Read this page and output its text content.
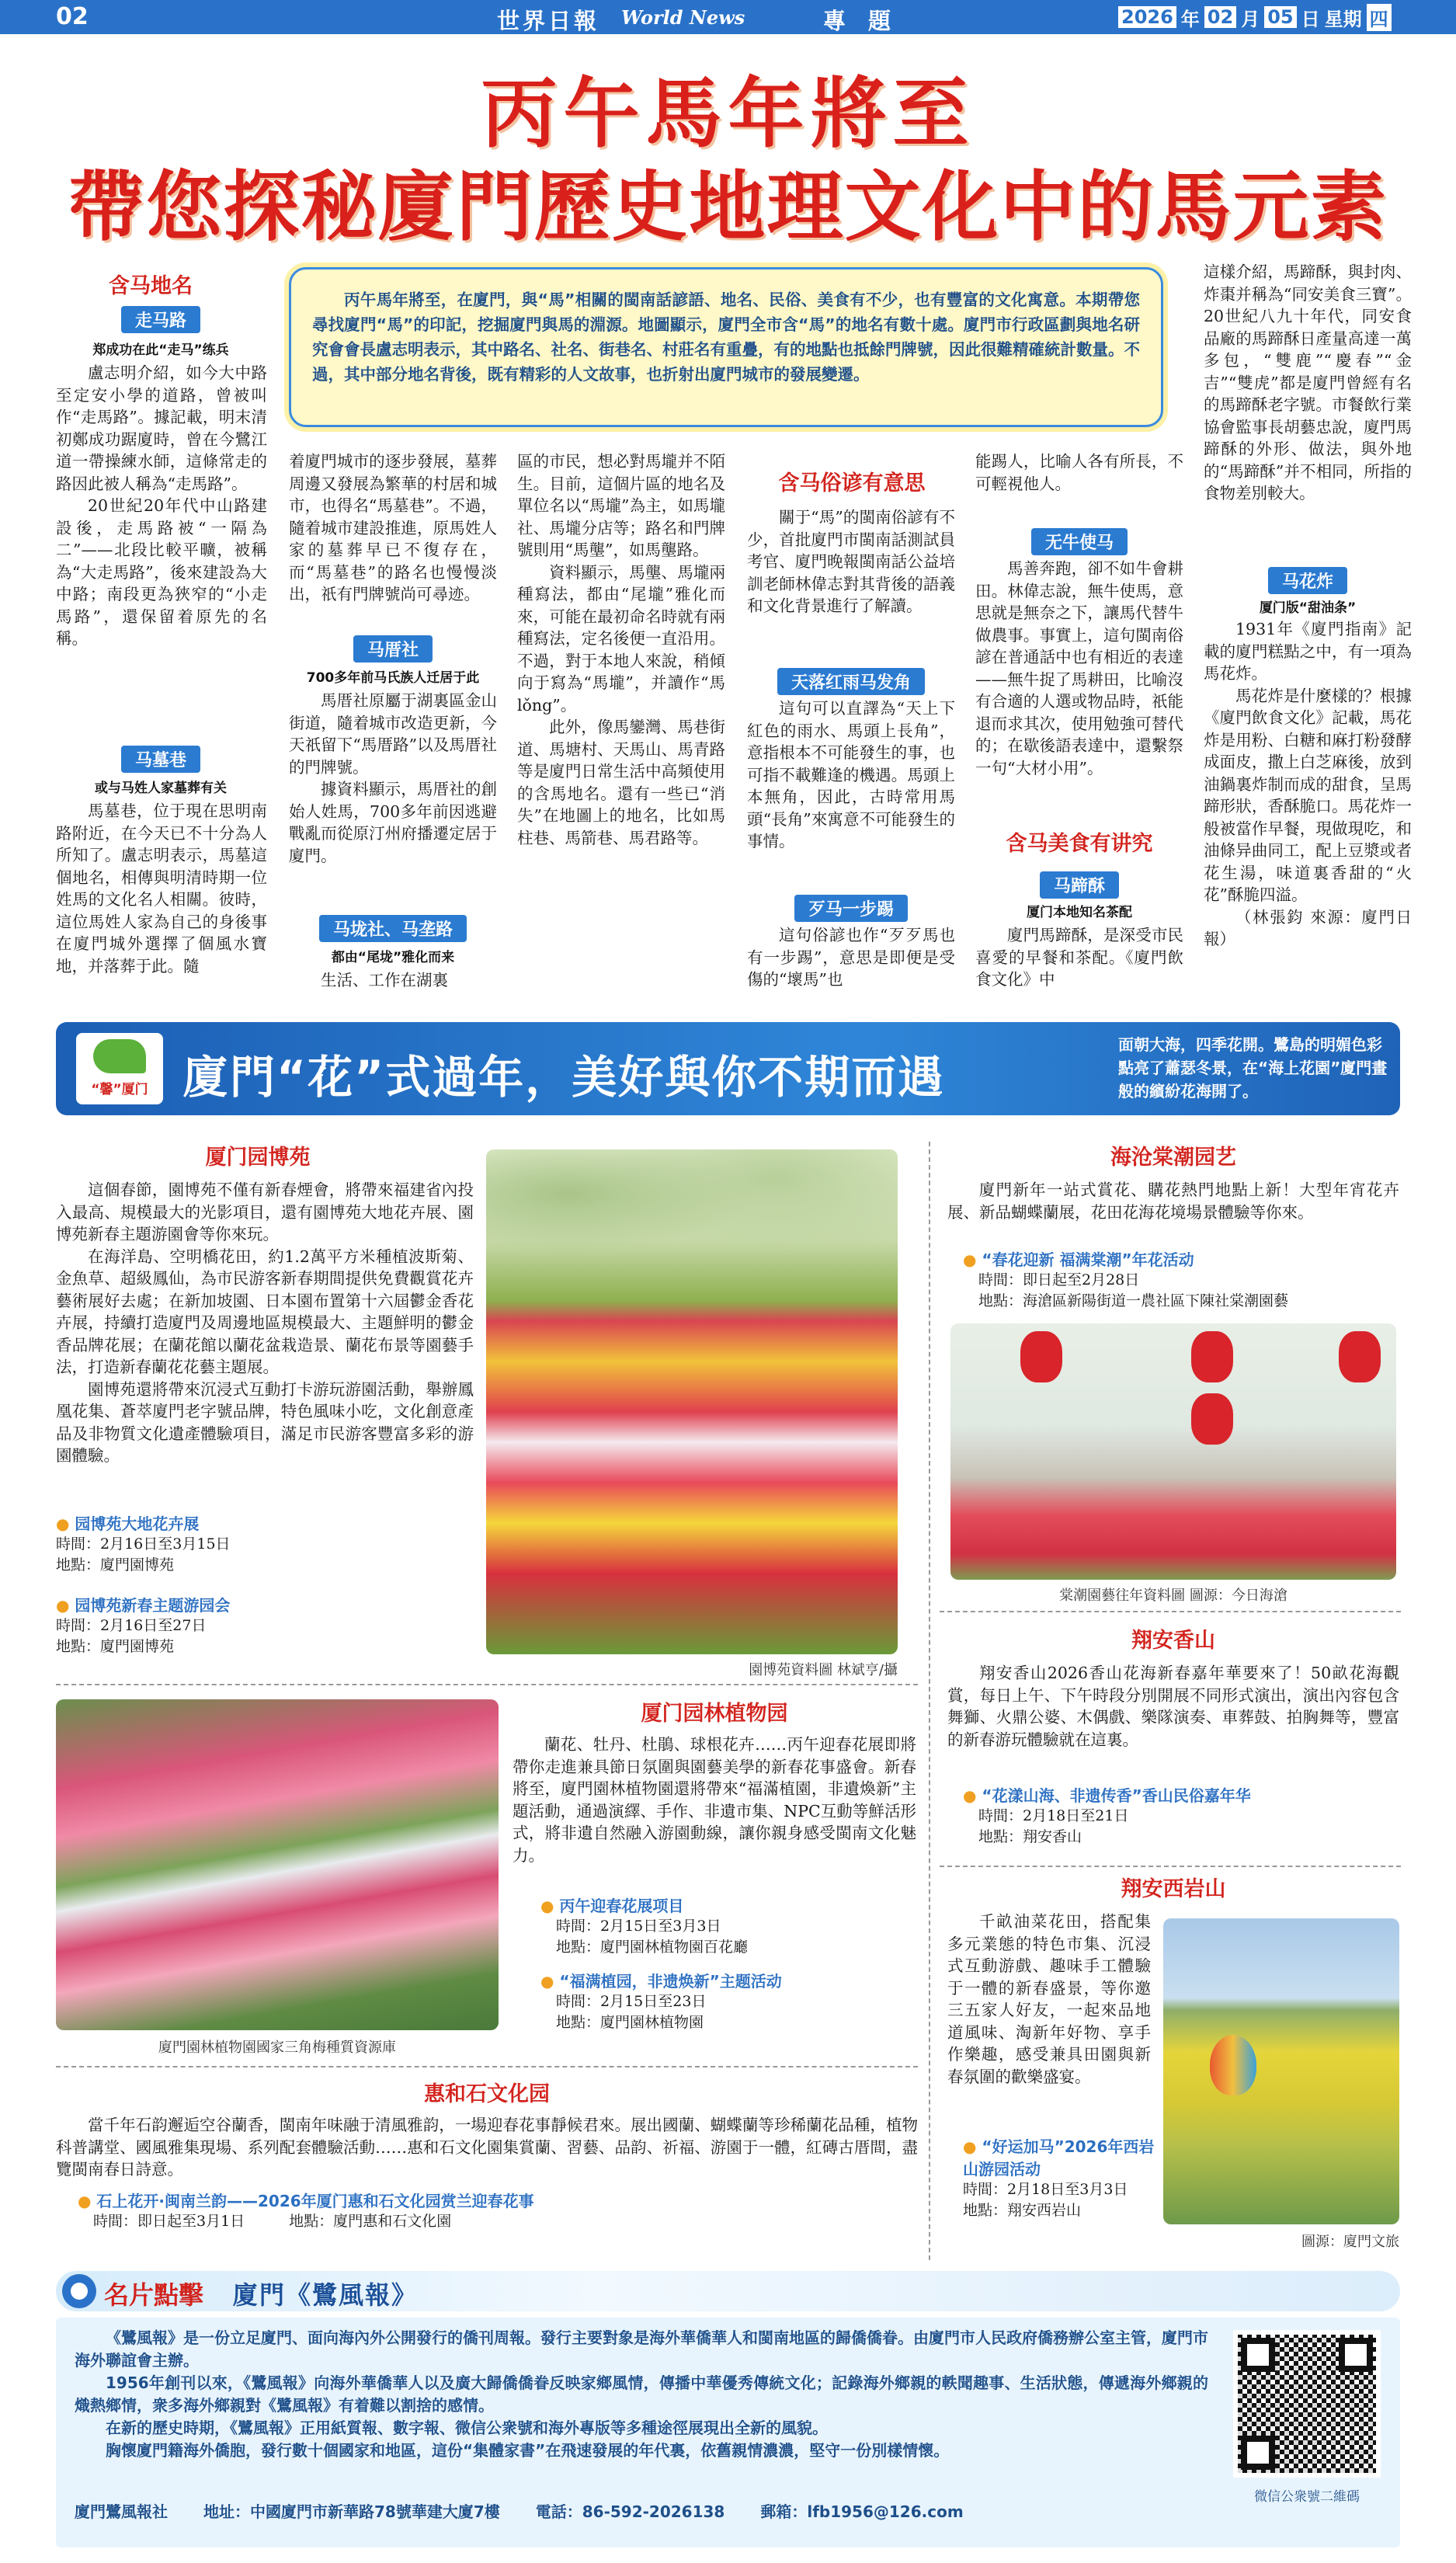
02	世界日報 World News	專　題	2026 年 02 月 05 日 星期 四
丙午馬年將至
帶您探秘廈門歷史地理文化中的馬元素
丙午馬年將至，在廈門，與“馬”相關的閩南話諺語、地名、民俗、美食有不少，也有豐富的文化寓意。本期帶您尋找廈門“馬”的印記，挖掘廈門與馬的淵源。地圖顯示，廈門全市含“馬”的地名有數十處。廈門市行政區劃與地名研究會會長盧志明表示，其中路名、社名、街巷名、村莊名有重疊，有的地點也抵餘門牌號，因此很難精確統計數量。不過，其中部分地名背後，既有精彩的人文故事，也折射出廈門城市的發展變遷。
含马地名
走马路
郑成功在此“走马”练兵

盧志明介紹，如今大中路至定安小學的道路，曾被叫作“走馬路”。據記載，明末清初鄭成功踞廈時，曾在今鷺江道一帶操練水師，這條常走的路因此被人稱為“走馬路”。

20世紀20年代中山路建設後，走馬路被“一隔為二”——北段比較平曠，被稱為“大走馬路”，後來建設為大中路；南段更為狹窄的“小走馬路”，還保留着原先的名稱。

马墓巷
或与马姓人家墓葬有关

馬墓巷，位于現在思明南路附近，在今天已不十分為人所知了。盧志明表示，馬墓這個地名，相傳與明清時期一位姓馬的文化名人相關。彼時，這位馬姓人家為自己的身後事在廈門城外選擇了個風水寶地，并落葬于此。隨

着廈門城市的逐步發展，墓葬周邊又發展為繁華的村居和城市，也得名“馬墓巷”。不過，隨着城市建設推進，原馬姓人家的墓葬早已不復存在，而“馬墓巷”的路名也慢慢淡出，祇有門牌號尚可尋迹。
马厝社
700多年前马氏族人迁居于此

馬厝社原屬于湖裏區金山街道，隨着城市改造更新，今天祇留下“馬厝路”以及馬厝社的門牌號。

據資料顯示，馬厝社的創始人姓馬，700多年前因逃避戰亂而從原汀州府播遷定居于廈門。

马垅社、马垄路
都由“尾垅”雅化而来

生活、工作在湖裏

區的市民，想必對馬壠并不陌生。目前，這個片區的地名及單位名以“馬壠”為主，如馬壠社、馬壠分店等；路名和門牌號則用“馬壟”，如馬壟路。

資料顯示，馬壟、馬壠兩種寫法，都由“尾壠”雅化而來，可能在最初命名時就有兩種寫法，定名後便一直沿用。不過，對于本地人來說，稍傾向于寫為“馬壠”，并讀作“馬lǒng”。

此外，像馬鑾灣、馬巷街道、馬塘村、天馬山、馬青路等是廈門日常生活中高頻使用的含馬地名。還有一些已“消失”在地圖上的地名，比如馬柱巷、馬箭巷、馬君路等。

含马俗谚有意思

關于“馬”的閩南俗諺有不少，首批廈門市閩南話測試員考官、廈門晚報閩南話公益培訓老師林偉志對其背後的語義和文化背景進行了解讀。

天落红雨马发角

這句可以直譯為“天上下紅色的雨水、馬頭上長角”，意指根本不可能發生的事，也可指不載難逢的機遇。馬頭上本無角，因此，古時常用馬頭“長角”來寓意不可能發生的事情。

歹马一步踢

這句俗諺也作“歹歹馬也有一步踢”，意思是即便是受傷的“壞馬”也

能踢人，比喻人各有所長，不可輕視他人。
无牛使马

馬善奔跑，卻不如牛會耕田。林偉志說，無牛使馬，意思就是無奈之下，讓馬代替牛做農事。事實上，這句閩南俗諺在普通話中也有相近的表達——無牛捉了馬耕田，比喻沒有合適的人選或物品時，祇能退而求其次，使用勉強可替代的；在歇後語表達中，還繫祭一句“大材小用”。

含马美食有讲究
马蹄酥
厦门本地知名茶配

廈門馬蹄酥，是深受市民喜愛的早餐和茶配。《廈門飲食文化》中

這樣介紹，馬蹄酥，與封肉、炸棗并稱為“同安美食三寶”。20世紀八九十年代，同安食品廠的馬蹄酥日產量高達一萬多包，“雙鹿”“慶春”“金吉”“雙虎”都是廈門曾經有名的馬蹄酥老字號。市餐飲行業協會監事長胡藝忠說，廈門馬蹄酥的外形、做法，與外地的“馬蹄酥”并不相同，所指的食物差別較大。
马花炸
厦门版“甜油条”

1931年《廈門指南》記載的廈門糕點之中，有一項為馬花炸。

馬花炸是什麼樣的？根據《廈門飲食文化》記載，馬花炸是用粉、白糖和麻打粉發酵成面皮，撒上白芝麻後，放到油鍋裏炸制而成的甜食，呈馬蹄形狀，香酥脆口。馬花炸一般被當作早餐，現做現吃，和油條异曲同工，配上豆漿或者花生湯，味道裏香甜的“火花”酥脆四溢。

（林張鈞 來源：廈門日報）
“馨”厦门 廈門“花”式過年，美好與你不期而遇
面朝大海，四季花開。鷺島的明媚色彩點亮了蕭瑟冬景，在“海上花園”廈門畫般的繽紛花海開了。
厦门园博苑

這個春節，園博苑不僅有新春煙會，將帶來福建省內投入最高、規模最大的光影項目，還有園博苑大地花卉展、園博苑新春主題游園會等你來玩。

在海洋島、空明橋花田，約1.2萬平方米種植波斯菊、金魚草、超級鳳仙，為市民游客新春期間提供免費觀賞花卉藝術展好去處；在新加坡園、日本園布置第十六屆鬱金香花卉展，持續打造廈門及周邊地區規模最大、主題鮮明的鬱金香品牌花展；在蘭花館以蘭花盆栽造景、蘭花布景等園藝手法，打造新春蘭花花藝主題展。

園博苑還將帶來沉浸式互動打卡游玩游園活動，舉辦鳳凰花集、蒼萃廈門老字號品牌，特色風味小吃，文化創意產品及非物質文化遺產體驗項目，滿足市民游客豐富多彩的游園體驗。

● 园博苑大地花卉展
時間：2月16日至3月15日
地點：廈門園博苑
● 园博苑新春主题游园会
時間：2月16日至27日
地點：廈門園博苑
園博苑資料圖 林斌亨/攝
海沧棠潮园艺

廈門新年一站式賞花、購花熱門地點上新！大型年宵花卉展、新品蝴蝶蘭展，花田花海花境場景體驗等你來。

● “春花迎新 福满棠潮”年花活动
時間：即日起至2月28日
地點：海滄區新陽街道一農社區下陳社棠潮園藝
棠潮園藝往年資料圖 圖源：今日海滄
翔安香山

翔安香山2026香山花海新春嘉年華要來了！50畝花海觀賞，每日上午、下午時段分別開展不同形式演出，演出內容包含舞獅、火鼎公婆、木偶戲、樂隊演奏、車葬鼓、拍胸舞等，豐富的新春游玩體驗就在這裏。

● “花漾山海、非遗传香”香山民俗嘉年华
時間：2月18日至21日
地點：翔安香山
翔安西岩山

千畝油菜花田，搭配集多元業態的特色市集、沉浸式互動游戲、趣味手工體驗于一體的新春盛景，等你邀三五家人好友，一起來品地道風味、淘新年好物、享手作樂趣，感受兼具田園與新春氛圍的歡樂盛宴。

● “好运加马”2026年西岩山游园活动
時間：2月18日至3月3日
地點：翔安西岩山
圖源：廈門文旅
廈門園林植物園國家三角梅種質資源庫
厦门园林植物园

蘭花、牡丹、杜鵑、球根花卉……丙午迎春花展即將帶你走進兼具節日氛圍與園藝美學的新春花事盛會。新春將至，廈門園林植物園還將帶來“福滿植園，非遺煥新”主題活動，通過演繹、手作、非遺市集、NPC互動等鮮活形式，將非遺自然融入游園動線，讓你親身感受閩南文化魅力。

● 丙午迎春花展项目
時間：2月15日至3月3日
地點：廈門園林植物園百花廳
● “福满植园，非遗焕新”主题活动
時間：2月15日至23日
地點：廈門園林植物園
惠和石文化园

當千年石韵邂逅空谷蘭香，閩南年味融于清風雅韵，一場迎春花事靜候君來。展出國蘭、蝴蝶蘭等珍稀蘭花品種，植物科普講堂、國風雅集現場、系列配套體驗活動……惠和石文化園集賞蘭、習藝、品韵、祈福、游園于一體，紅磚古厝間，盡覽閩南春日詩意。

● 石上花开·闽南兰韵——2026年厦门惠和石文化园赏兰迎春花事
時間：即日起至3月1日　　　	地點：廈門惠和石文化園
名片點擊 廈門《鷺風報》

《鷺風報》是一份立足廈門、面向海內外公開發行的僑刊周報。發行主要對象是海外華僑華人和閩南地區的歸僑僑眷。由廈門市人民政府僑務辦公室主管，廈門市海外聯誼會主辦。

1956年創刊以來，《鷺風報》向海外華僑華人以及廣大歸僑僑眷反映家鄉風情，傳播中華優秀傳統文化；記錄海外鄉親的軼聞趣事、生活狀態，傳遞海外鄉親的熾熱鄉情，衆多海外鄉親對《鷺風報》有着難以割捨的感情。

在新的歷史時期，《鷺風報》正用紙質報、數字報、微信公衆號和海外專版等多種途徑展現出全新的風貌。

胸懷廈門籍海外僑胞，發行數十個國家和地區，這份“集體家書”在飛速發展的年代裏，依舊親情濃濃，堅守一份別樣情懷。

廈門鷺風報社 地址：中國廈門市新華路78號華建大廈7樓 電話：86-592-2026138 郵箱：lfb1956@126.com
微信公衆號二維碼
